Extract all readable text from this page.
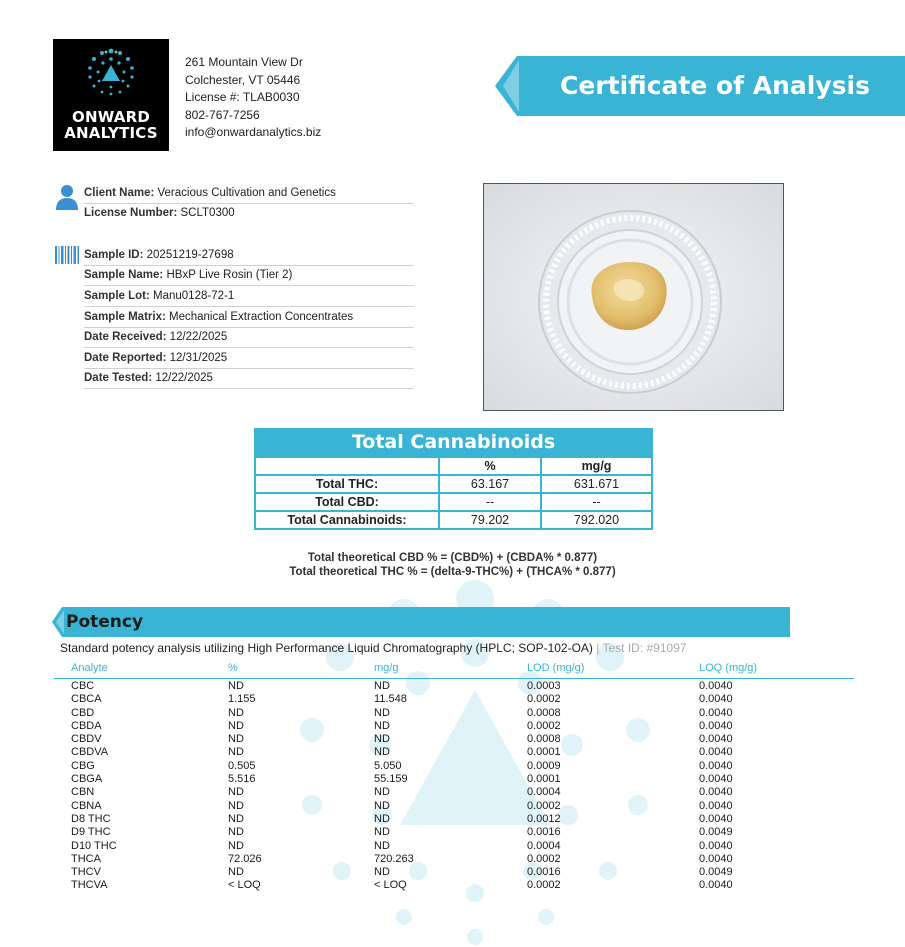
ONWARD
ANALYTICS
261 Mountain View Dr
Colchester, VT 05446
License #: TLAB0030
802-767-7256
info@onwardanalytics.biz
Certificate of Analysis
Client Name: Veracious Cultivation and Genetics
License Number: SCLT0300
Sample ID: 20251219-27698
Sample Name: HBxP Live Rosin (Tier 2)
Sample Lot: Manu0128-72-1
Sample Matrix: Mechanical Extraction Concentrates
Date Received: 12/22/2025
Date Reported: 12/31/2025
Date Tested: 12/22/2025
Total Cannabinoids
	%	mg/g
Total THC:	63.167	631.671
Total CBD:	--	--
Total Cannabinoids:	79.202	792.020
Total theoretical CBD % = (CBD%) + (CBDA% * 0.877)
Total theoretical THC % = (delta-9-THC%) + (THCA% * 0.877)
Potency
Standard potency analysis utilizing High Performance Liquid Chromatography (HPLC; SOP-102-OA) | Test ID: #91097
Analyte	%	mg/g	LOD (mg/g)	LOQ (mg/g)
CBC	ND	ND	0.0003	0.0040
CBCA	1.155	11.548	0.0002	0.0040
CBD	ND	ND	0.0008	0.0040
CBDA	ND	ND	0.0002	0.0040
CBDV	ND	ND	0.0008	0.0040
CBDVA	ND	ND	0.0001	0.0040
CBG	0.505	5.050	0.0009	0.0040
CBGA	5.516	55.159	0.0001	0.0040
CBN	ND	ND	0.0004	0.0040
CBNA	ND	ND	0.0002	0.0040
D8 THC	ND	ND	0.0012	0.0040
D9 THC	ND	ND	0.0016	0.0049
D10 THC	ND	ND	0.0004	0.0040
THCA	72.026	720.263	0.0002	0.0040
THCV	ND	ND	0.0016	0.0049
THCVA	< LOQ	< LOQ	0.0002	0.0040
